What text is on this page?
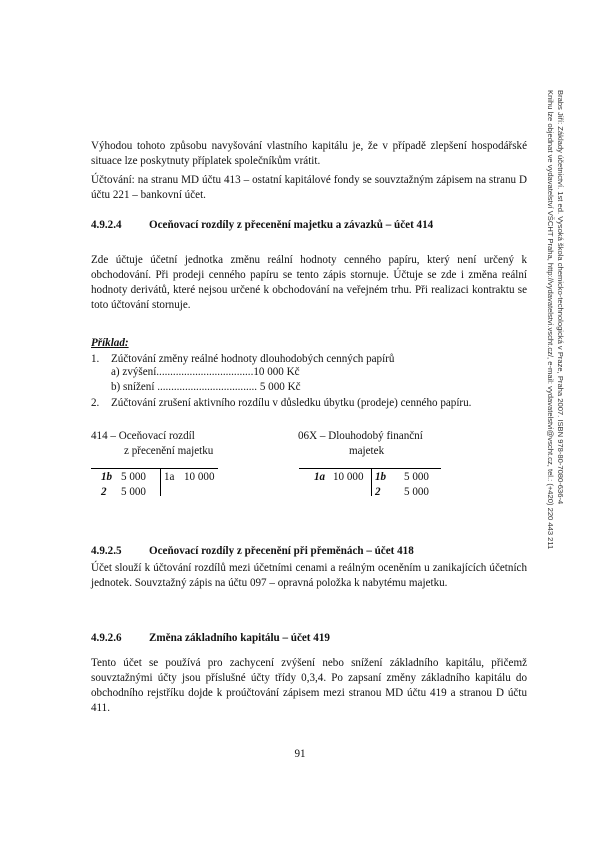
Brabs Jiří: Základy účetnictví. 1st ed. Vysoká škola chemicko-technologická v Praze, Praha 2007. ISBN 978-80-7080-636-4
Knihu lze objednat ve vydavatelství VŠCHT Praha, http://vydavatelstvi.vscht.cz/, e-mail: vydavatelstvi@vscht.cz, tel.: (+420) 220 443 211

Výhodou tohoto způsobu navyšování vlastního kapitálu je, že v případě zlepšení hospodářské situace lze poskytnuty příplatek společníkům vrátit.

Účtování: na stranu MD účtu 413 – ostatní kapitálové fondy se souvztažným zápisem na stranu D účtu 221 – bankovní účet.

4.9.2.4 Oceňovací rozdíly z přecenění majetku a závazků – účet 414

Zde účtuje účetní jednotka změnu reální hodnoty cenného papíru, který není určený k obchodování. Při prodeji cenného papíru se tento zápis stornuje. Účtuje se zde i změna reální hodnoty derivátů, které nejsou určené k obchodování na veřejném trhu. Při realizaci kontraktu se toto účtování stornuje.

Příklad:
1. Zúčtování změny reálné hodnoty dlouhodobých cenných papírů
a) zvýšení...................................10 000 Kč
b) snížení .................................... 5 000 Kč
2. Zúčtování zrušení aktivního rozdílu v důsledku úbytku (prodeje) cenného papíru.
414 – Oceňovací rozdíl
z přecenění majetku
1b 5 000
2 5 000
1a 10 000
06X – Dlouhodobý finanční
majetek
1a 10 000 1b 5 000
2 5 000
4.9.2.5 Oceňovací rozdíly z přecenění při přeměnách – účet 418

Účet slouží k účtování rozdílů mezi účetními cenami a reálným oceněním u zanikajících účetních jednotek. Souvztažný zápis na účtu 097 – opravná položka k nabytému majetku.

4.9.2.6 Změna základního kapitálu – účet 419

Tento účet se používá pro zachycení zvýšení nebo snížení základního kapitálu, přičemž souvztažnými účty jsou příslušné účty třídy 0,3,4. Po zapsaní změny základního kapitálu do obchodního rejstříku dojde k proúčtování zápisem mezi stranou MD účtu 419 a stranou D účtu 411.

91
